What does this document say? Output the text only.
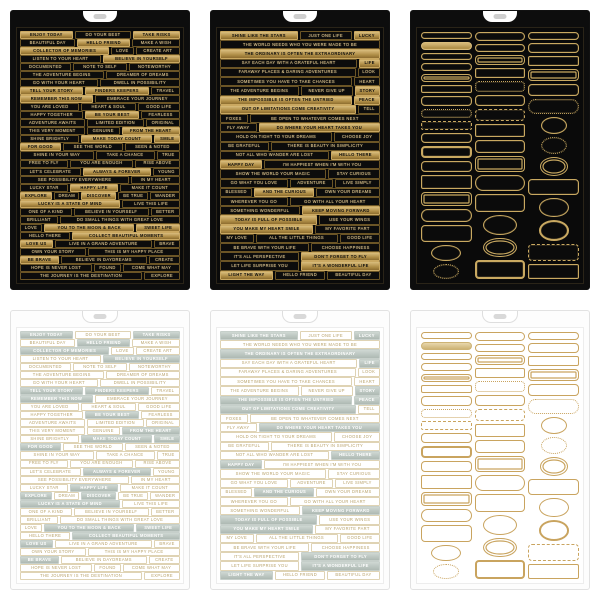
ENJOY TODAY	DO YOUR BEST	TAKE RISKS
BEAUTIFUL DAY	HELLO FRIEND	MAKE A WISH
COLLECTOR OF MEMORIES	LOVE	CREATE ART
LISTEN TO YOUR HEART	BELIEVE IN YOURSELF
DOCUMENTED	NOTE TO SELF	NOTEWORTHY
THE ADVENTURE BEGINS	DREAMER OF DREAMS
GO WITH YOUR HEART	DWELL IN POSSIBILITY
TELL YOUR STORY	FINDERS KEEPERS	TRAVEL
REMEMBER THIS NOW	EMBRACE YOUR JOURNEY
YOU ARE LOVED	HEART & SOUL	GOOD LIFE
HAPPY TOGETHER	BE YOUR BEST	FEARLESS
ADVENTURE AWAITS	LIMITED EDITION	ORIGINAL
THIS VERY MOMENT	GENUINE	FROM THE HEART
SHINE BRIGHTLY	MAKE TODAY COUNT	SMILE
FOR GOOD	SEE THE WORLD	SEEN & NOTED
SHINE IN YOUR WAY	TAKE A CHANCE	TRUE
FREE TO FLY	YOU ARE ENOUGH	RISE ABOVE
LET'S CELEBRATE	ALWAYS & FOREVER	YOUNG
SEE POSSIBILITY EVERYWHERE	IN MY HEART
LUCKY STAR	HAPPY LIFE	MAKE IT COUNT
EXPLORE	DREAM	DISCOVER	BE TRUE	WANDER
LUCKY IS A STATE OF MIND	LIVE THIS LIFE
ONE OF A KIND	BELIEVE IN YOURSELF	BETTER
BRILLIANT	DO SMALL THINGS WITH GREAT LOVE
LOVE	YOU TO THE MOON & BACK	SWEET LIFE
HELLO THERE	COLLECT BEAUTIFUL MOMENTS
LOVE US	LIVE IN A GRAND ADVENTURE	BRAVE
OWN YOUR STORY	THIS IS MY HAPPY PLACE
BE BRAVE	BELIEVE IN DAYDREAMS	CREATE
HOPE IS NEVER LOST	FOUND	COME WHAT MAY
THE JOURNEY IS THE DESTINATION	EXPLORE
SHINE LIKE THE STARS	JUST ONE LIFE	LUCKY
THE WORLD NEEDS WHO YOU WERE MADE TO BE
THE ORDINARY IS OFTEN THE EXTRAORDINARY
SAY EACH DAY WITH A GRATEFUL HEART	LIFE
FARAWAY PLACES & DARING ADVENTURES	LOOK
SOMETIMES YOU HAVE TO TAKE CHANCES	HEART
THE ADVENTURE BEGINS	NEVER GIVE UP	STORY
THE IMPOSSIBLE IS OFTEN THE UNTRIED	PEACE
OUT OF LIMITATIONS COME CREATIVITY	TELL
FOXES	BE OPEN TO WHATEVER COMES NEXT
FLY AWAY	DO WHERE YOUR HEART TAKES YOU
HOLD ON TIGHT TO YOUR DREAMS	CHOOSE JOY
BE GRATEFUL	THERE IS BEAUTY IN SIMPLICITY
NOT ALL WHO WANDER ARE LOST	HELLO THERE
HAPPY DAY	I'M HAPPIEST WHEN I'M WITH YOU
SHOW THE WORLD YOUR MAGIC	STAY CURIOUS
GO WHAT YOU LOVE	ADVENTURE	LIVE SIMPLY
BLESSED	AND THE CURIOUS	OWN YOUR DREAMS
WHEREVER YOU GO	GO WITH ALL YOUR HEART
SOMETHING WONDERFUL	KEEP MOVING FORWARD
TODAY IS FULL OF POSSIBLE	USE YOUR WINGS
YOU MAKE MY HEART SMILE	MY FAVORITE PART
MY LOVE	ALL THE LITTLE THINGS	GOOD LIFE
BE BRAVE WITH YOUR LIFE	CHOOSE HAPPINESS
IT'S ALL PERSPECTIVE	DON'T FORGET TO FLY
LET LIFE SURPRISE YOU	IT'S A WONDERFUL LIFE
LIGHT THE WAY	HELLO FRIEND	BEAUTIFUL DAY
ENJOY TODAY	DO YOUR BEST	TAKE RISKS
BEAUTIFUL DAY	HELLO FRIEND	MAKE A WISH
COLLECTOR OF MEMORIES	LOVE	CREATE ART
LISTEN TO YOUR HEART	BELIEVE IN YOURSELF
DOCUMENTED	NOTE TO SELF	NOTEWORTHY
THE ADVENTURE BEGINS	DREAMER OF DREAMS
GO WITH YOUR HEART	DWELL IN POSSIBILITY
TELL YOUR STORY	FINDERS KEEPERS	TRAVEL
REMEMBER THIS NOW	EMBRACE YOUR JOURNEY
YOU ARE LOVED	HEART & SOUL	GOOD LIFE
HAPPY TOGETHER	BE YOUR BEST	FEARLESS
ADVENTURE AWAITS	LIMITED EDITION	ORIGINAL
THIS VERY MOMENT	GENUINE	FROM THE HEART
SHINE BRIGHTLY	MAKE TODAY COUNT	SMILE
FOR GOOD	SEE THE WORLD	SEEN & NOTED
SHINE IN YOUR WAY	TAKE A CHANCE	TRUE
FREE TO FLY	YOU ARE ENOUGH	RISE ABOVE
LET'S CELEBRATE	ALWAYS & FOREVER	YOUNG
SEE POSSIBILITY EVERYWHERE	IN MY HEART
LUCKY STAR	HAPPY LIFE	MAKE IT COUNT
EXPLORE	DREAM	DISCOVER	BE TRUE	WANDER
LUCKY IS A STATE OF MIND	LIVE THIS LIFE
ONE OF A KIND	BELIEVE IN YOURSELF	BETTER
BRILLIANT	DO SMALL THINGS WITH GREAT LOVE
LOVE	YOU TO THE MOON & BACK	SWEET LIFE
HELLO THERE	COLLECT BEAUTIFUL MOMENTS
LOVE US	LIVE IN A GRAND ADVENTURE	BRAVE
OWN YOUR STORY	THIS IS MY HAPPY PLACE
BE BRAVE	BELIEVE IN DAYDREAMS	CREATE
HOPE IS NEVER LOST	FOUND	COME WHAT MAY
THE JOURNEY IS THE DESTINATION	EXPLORE
SHINE LIKE THE STARS	JUST ONE LIFE	LUCKY
THE WORLD NEEDS WHO YOU WERE MADE TO BE
THE ORDINARY IS OFTEN THE EXTRAORDINARY
SAY EACH DAY WITH A GRATEFUL HEART	LIFE
FARAWAY PLACES & DARING ADVENTURES	LOOK
SOMETIMES YOU HAVE TO TAKE CHANCES	HEART
THE ADVENTURE BEGINS	NEVER GIVE UP	STORY
THE IMPOSSIBLE IS OFTEN THE UNTRIED	PEACE
OUT OF LIMITATIONS COME CREATIVITY	TELL
FOXES	BE OPEN TO WHATEVER COMES NEXT
FLY AWAY	DO WHERE YOUR HEART TAKES YOU
HOLD ON TIGHT TO YOUR DREAMS	CHOOSE JOY
BE GRATEFUL	THERE IS BEAUTY IN SIMPLICITY
NOT ALL WHO WANDER ARE LOST	HELLO THERE
HAPPY DAY	I'M HAPPIEST WHEN I'M WITH YOU
SHOW THE WORLD YOUR MAGIC	STAY CURIOUS
GO WHAT YOU LOVE	ADVENTURE	LIVE SIMPLY
BLESSED	AND THE CURIOUS	OWN YOUR DREAMS
WHEREVER YOU GO	GO WITH ALL YOUR HEART
SOMETHING WONDERFUL	KEEP MOVING FORWARD
TODAY IS FULL OF POSSIBLE	USE YOUR WINGS
YOU MAKE MY HEART SMILE	MY FAVORITE PART
MY LOVE	ALL THE LITTLE THINGS	GOOD LIFE
BE BRAVE WITH YOUR LIFE	CHOOSE HAPPINESS
IT'S ALL PERSPECTIVE	DON'T FORGET TO FLY
LET LIFE SURPRISE YOU	IT'S A WONDERFUL LIFE
LIGHT THE WAY	HELLO FRIEND	BEAUTIFUL DAY
